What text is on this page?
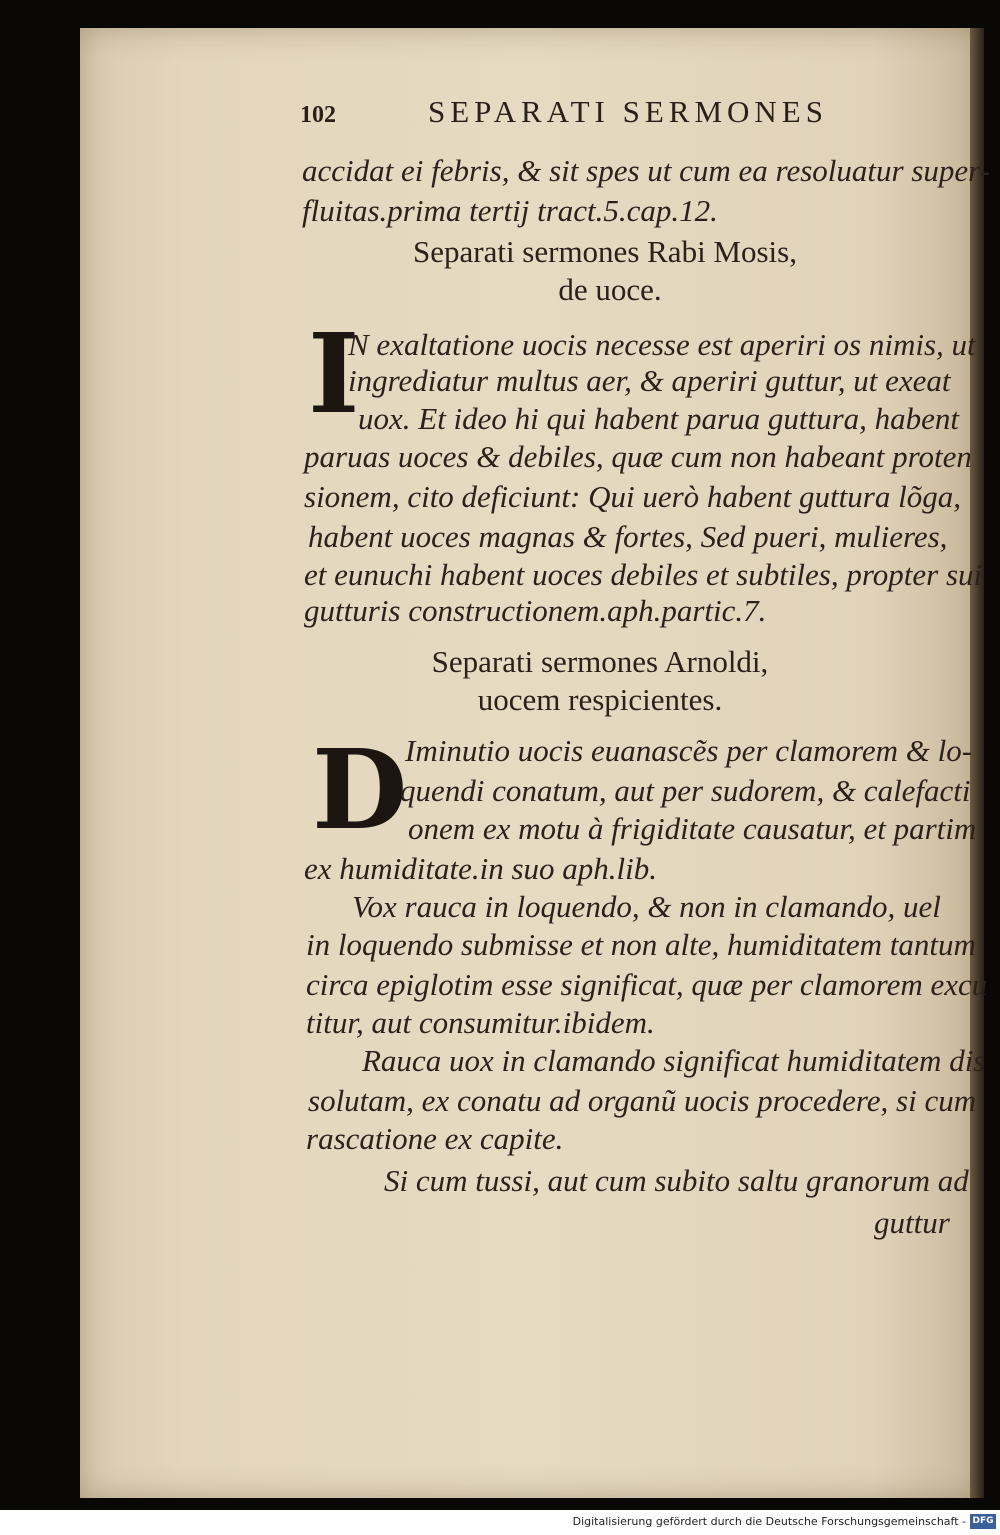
102	SEPARATI SERMONES
accidat ei febris, & sit spes ut cum ea resoluatur super-
fluitas.prima tertij tract.5.cap.12.
Separati sermones Rabi Mosis,
de uoce.
I
N exaltatione uocis necesse est aperiri os nimis, ut
ingrediatur multus aer, & aperiri guttur, ut exeat
uox. Et ideo hi qui habent parua guttura, habent
paruas uoces & debiles, quæ cum non habeant proten
sionem, cito deficiunt: Qui uerò habent guttura lõga,
habent uoces magnas & fortes, Sed pueri, mulieres,
et eunuchi habent uoces debiles et subtiles, propter sui
gutturis constructionem.aph.partic.7.
Separati sermones Arnoldi,
uocem respicientes.
D
Iminutio uocis euanascẽs per clamorem & lo-
quendi conatum, aut per sudorem, & calefacti
onem ex motu à frigiditate causatur, et partim
ex humiditate.in suo aph.lib.
Vox rauca in loquendo, & non in clamando, uel
in loquendo submisse et non alte, humiditatem tantum
circa epiglotim esse significat, quæ per clamorem excu
titur, aut consumitur.ibidem.
Rauca uox in clamando significat humiditatem dis
solutam, ex conatu ad organũ uocis procedere, si cum
rascatione ex capite.
Si cum tussi, aut cum subito saltu granorum ad
guttur
Digitalisierung gefördert durch die Deutsche Forschungsgemeinschaft - DFG
